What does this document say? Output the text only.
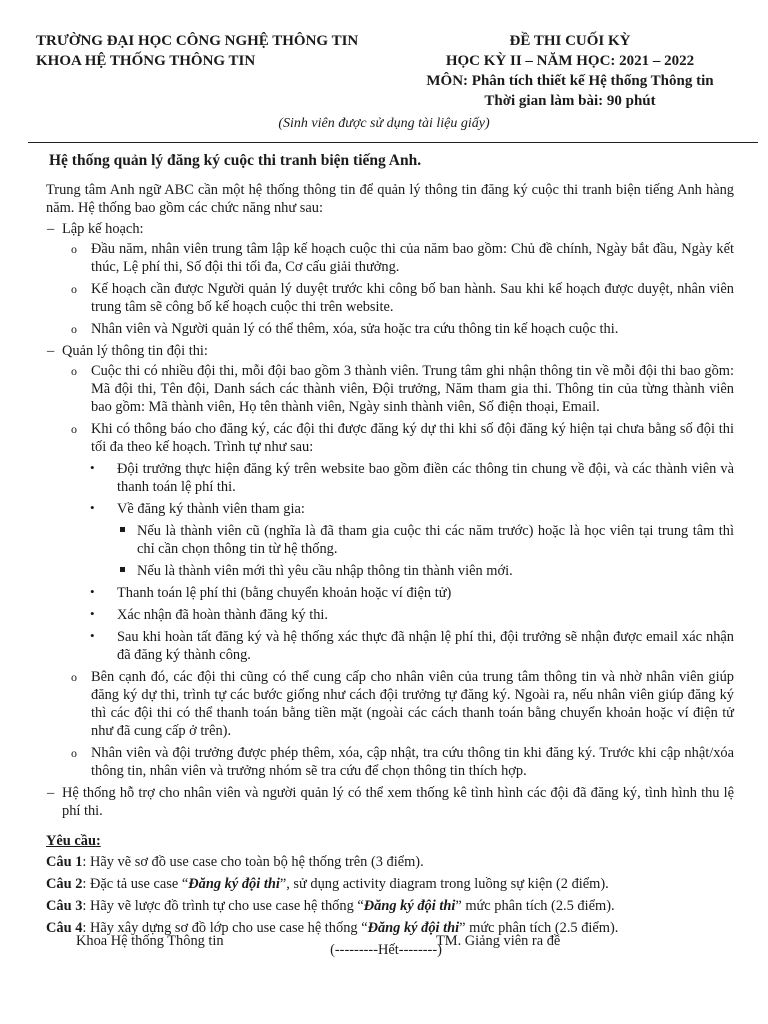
TRƯỜNG ĐẠI HỌC CÔNG NGHỆ THÔNG TIN
KHOA HỆ THỐNG THÔNG TIN
ĐỀ THI CUỐI KỲ
HỌC KỲ II – NĂM HỌC: 2021 – 2022
MÔN: Phân tích thiết kế Hệ thống Thông tin
Thời gian làm bài: 90 phút
(Sinh viên được sử dụng tài liệu giấy)
Hệ thống quản lý đăng ký cuộc thi tranh biện tiếng Anh.

Trung tâm Anh ngữ ABC cần một hệ thống thông tin để quản lý thông tin đăng ký cuộc thi tranh biện tiếng Anh hàng năm. Hệ thống bao gồm các chức năng như sau:

– Lập kế hoạch:
o Đầu năm, nhân viên trung tâm lập kế hoạch cuộc thi của năm bao gồm: Chủ đề chính, Ngày bắt đầu, Ngày kết thúc, Lệ phí thi, Số đội thi tối đa, Cơ cấu giải thưởng.
o Kế hoạch cần được Người quản lý duyệt trước khi công bố ban hành. Sau khi kế hoạch được duyệt, nhân viên trung tâm sẽ công bố kế hoạch cuộc thi trên website.
o Nhân viên và Người quản lý có thể thêm, xóa, sửa hoặc tra cứu thông tin kế hoạch cuộc thi.
– Quản lý thông tin đội thi:
o Cuộc thi có nhiều đội thi, mỗi đội bao gồm 3 thành viên. Trung tâm ghi nhận thông tin về mỗi đội thi bao gồm: Mã đội thi, Tên đội, Danh sách các thành viên, Đội trưởng, Năm tham gia thi. Thông tin của từng thành viên bao gồm: Mã thành viên, Họ tên thành viên, Ngày sinh thành viên, Số điện thoại, Email.
o Khi có thông báo cho đăng ký, các đội thi được đăng ký dự thi khi số đội đăng ký hiện tại chưa bằng số đội thi tối đa theo kế hoạch. Trình tự như sau:
• Đội trưởng thực hiện đăng ký trên website bao gồm điền các thông tin chung về đội, và các thành viên và thanh toán lệ phí thi.
• Về đăng ký thành viên tham gia:
Nếu là thành viên cũ (nghĩa là đã tham gia cuộc thi các năm trước) hoặc là học viên tại trung tâm thì chỉ cần chọn thông tin từ hệ thống.
Nếu là thành viên mới thì yêu cầu nhập thông tin thành viên mới.
• Thanh toán lệ phí thi (bằng chuyển khoản hoặc ví điện tử)
• Xác nhận đã hoàn thành đăng ký thi.
• Sau khi hoàn tất đăng ký và hệ thống xác thực đã nhận lệ phí thi, đội trưởng sẽ nhận được email xác nhận đã đăng ký thành công.
o Bên cạnh đó, các đội thi cũng có thể cung cấp cho nhân viên của trung tâm thông tin và nhờ nhân viên giúp đăng ký dự thi, trình tự các bước giống như cách đội trưởng tự đăng ký. Ngoài ra, nếu nhân viên giúp đăng ký thì các đội thi có thể thanh toán bằng tiền mặt (ngoài các cách thanh toán bằng chuyển khoản hoặc ví điện tử như đã cung cấp ở trên).
o Nhân viên và đội trưởng được phép thêm, xóa, cập nhật, tra cứu thông tin khi đăng ký. Trước khi cập nhật/xóa thông tin, nhân viên và trưởng nhóm sẽ tra cứu để chọn thông tin thích hợp.
– Hệ thống hỗ trợ cho nhân viên và người quản lý có thể xem thống kê tình hình các đội đã đăng ký, tình hình thu lệ phí thi.
Yêu cầu:
Câu 1: Hãy vẽ sơ đồ use case cho toàn bộ hệ thống trên (3 điểm).
Câu 2: Đặc tả use case “Đăng ký đội thi”, sử dụng activity diagram trong luồng sự kiện (2 điểm).
Câu 3: Hãy vẽ lược đồ trình tự cho use case hệ thống “Đăng ký đội thi” mức phân tích (2.5 điểm).
Câu 4: Hãy xây dựng sơ đồ lớp cho use case hệ thống “Đăng ký đội thi” mức phân tích (2.5 điểm).
(---------Hết--------)
Khoa Hệ thống Thông tin	TM. Giảng viên ra đề
